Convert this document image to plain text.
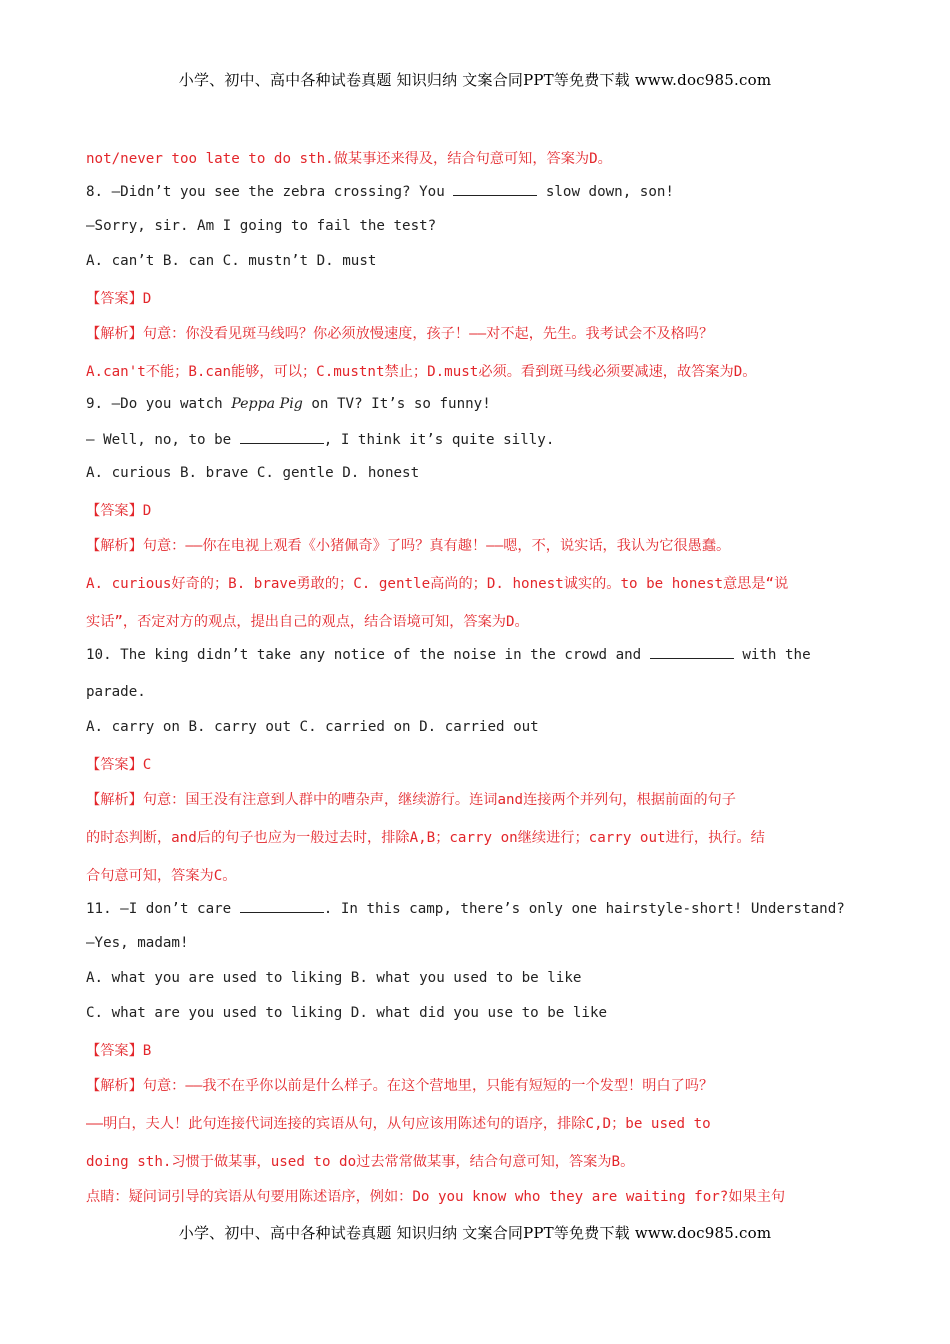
小学、初中、高中各种试卷真题 知识归纳 文案合同PPT等免费下载 www.doc985.com
not/never too late to do sth.做某事还来得及，结合句意可知，答案为D。
8. —Didn’t you see the zebra crossing? You	slow down, son!
—Sorry, sir. Am I going to fail the test?
A. can’t B. can C. mustn’t D. must
【答案】D
【解析】句意：你没看见斑马线吗？你必须放慢速度，孩子！——对不起，先生。我考试会不及格吗？
A.can't不能；B.can能够，可以；C.mustnt禁止；D.must必须。看到斑马线必须要减速，故答案为D。
9. —Do you watch Peppa Pig on TV? It’s so funny!
— Well, no, to be	, I think it’s quite silly.
A. curious B. brave C. gentle D. honest
【答案】D
【解析】句意：——你在电视上观看《小猪佩奇》了吗？真有趣！——嗯，不，说实话，我认为它很愚蠢。
A. curious好奇的；B. brave勇敢的；C. gentle高尚的；D. honest诚实的。to be honest意思是“说
实话”，否定对方的观点，提出自己的观点，结合语境可知，答案为D。
10. The king didn’t take any notice of the noise in the crowd and	with the
parade.
A. carry on B. carry out C. carried on D. carried out
【答案】C
【解析】句意：国王没有注意到人群中的嘈杂声，继续游行。连词and连接两个并列句，根据前面的句子
的时态判断，and后的句子也应为一般过去时，排除A,B；carry on继续进行；carry out进行，执行。结
合句意可知，答案为C。
11. —I don’t care	. In this camp, there’s only one hairstyle-short! Understand?
—Yes, madam!
A. what you are used to liking B. what you used to be like
C. what are you used to liking D. what did you use to be like
【答案】B
【解析】句意：——我不在乎你以前是什么样子。在这个营地里，只能有短短的一个发型！明白了吗？
——明白，夫人！此句连接代词连接的宾语从句，从句应该用陈述句的语序，排除C,D；be used to
doing sth.习惯于做某事，used to do过去常常做某事，结合句意可知，答案为B。
点睛：疑问词引导的宾语从句要用陈述语序，例如：Do you know who they are waiting for?如果主句
小学、初中、高中各种试卷真题 知识归纳 文案合同PPT等免费下载 www.doc985.com
